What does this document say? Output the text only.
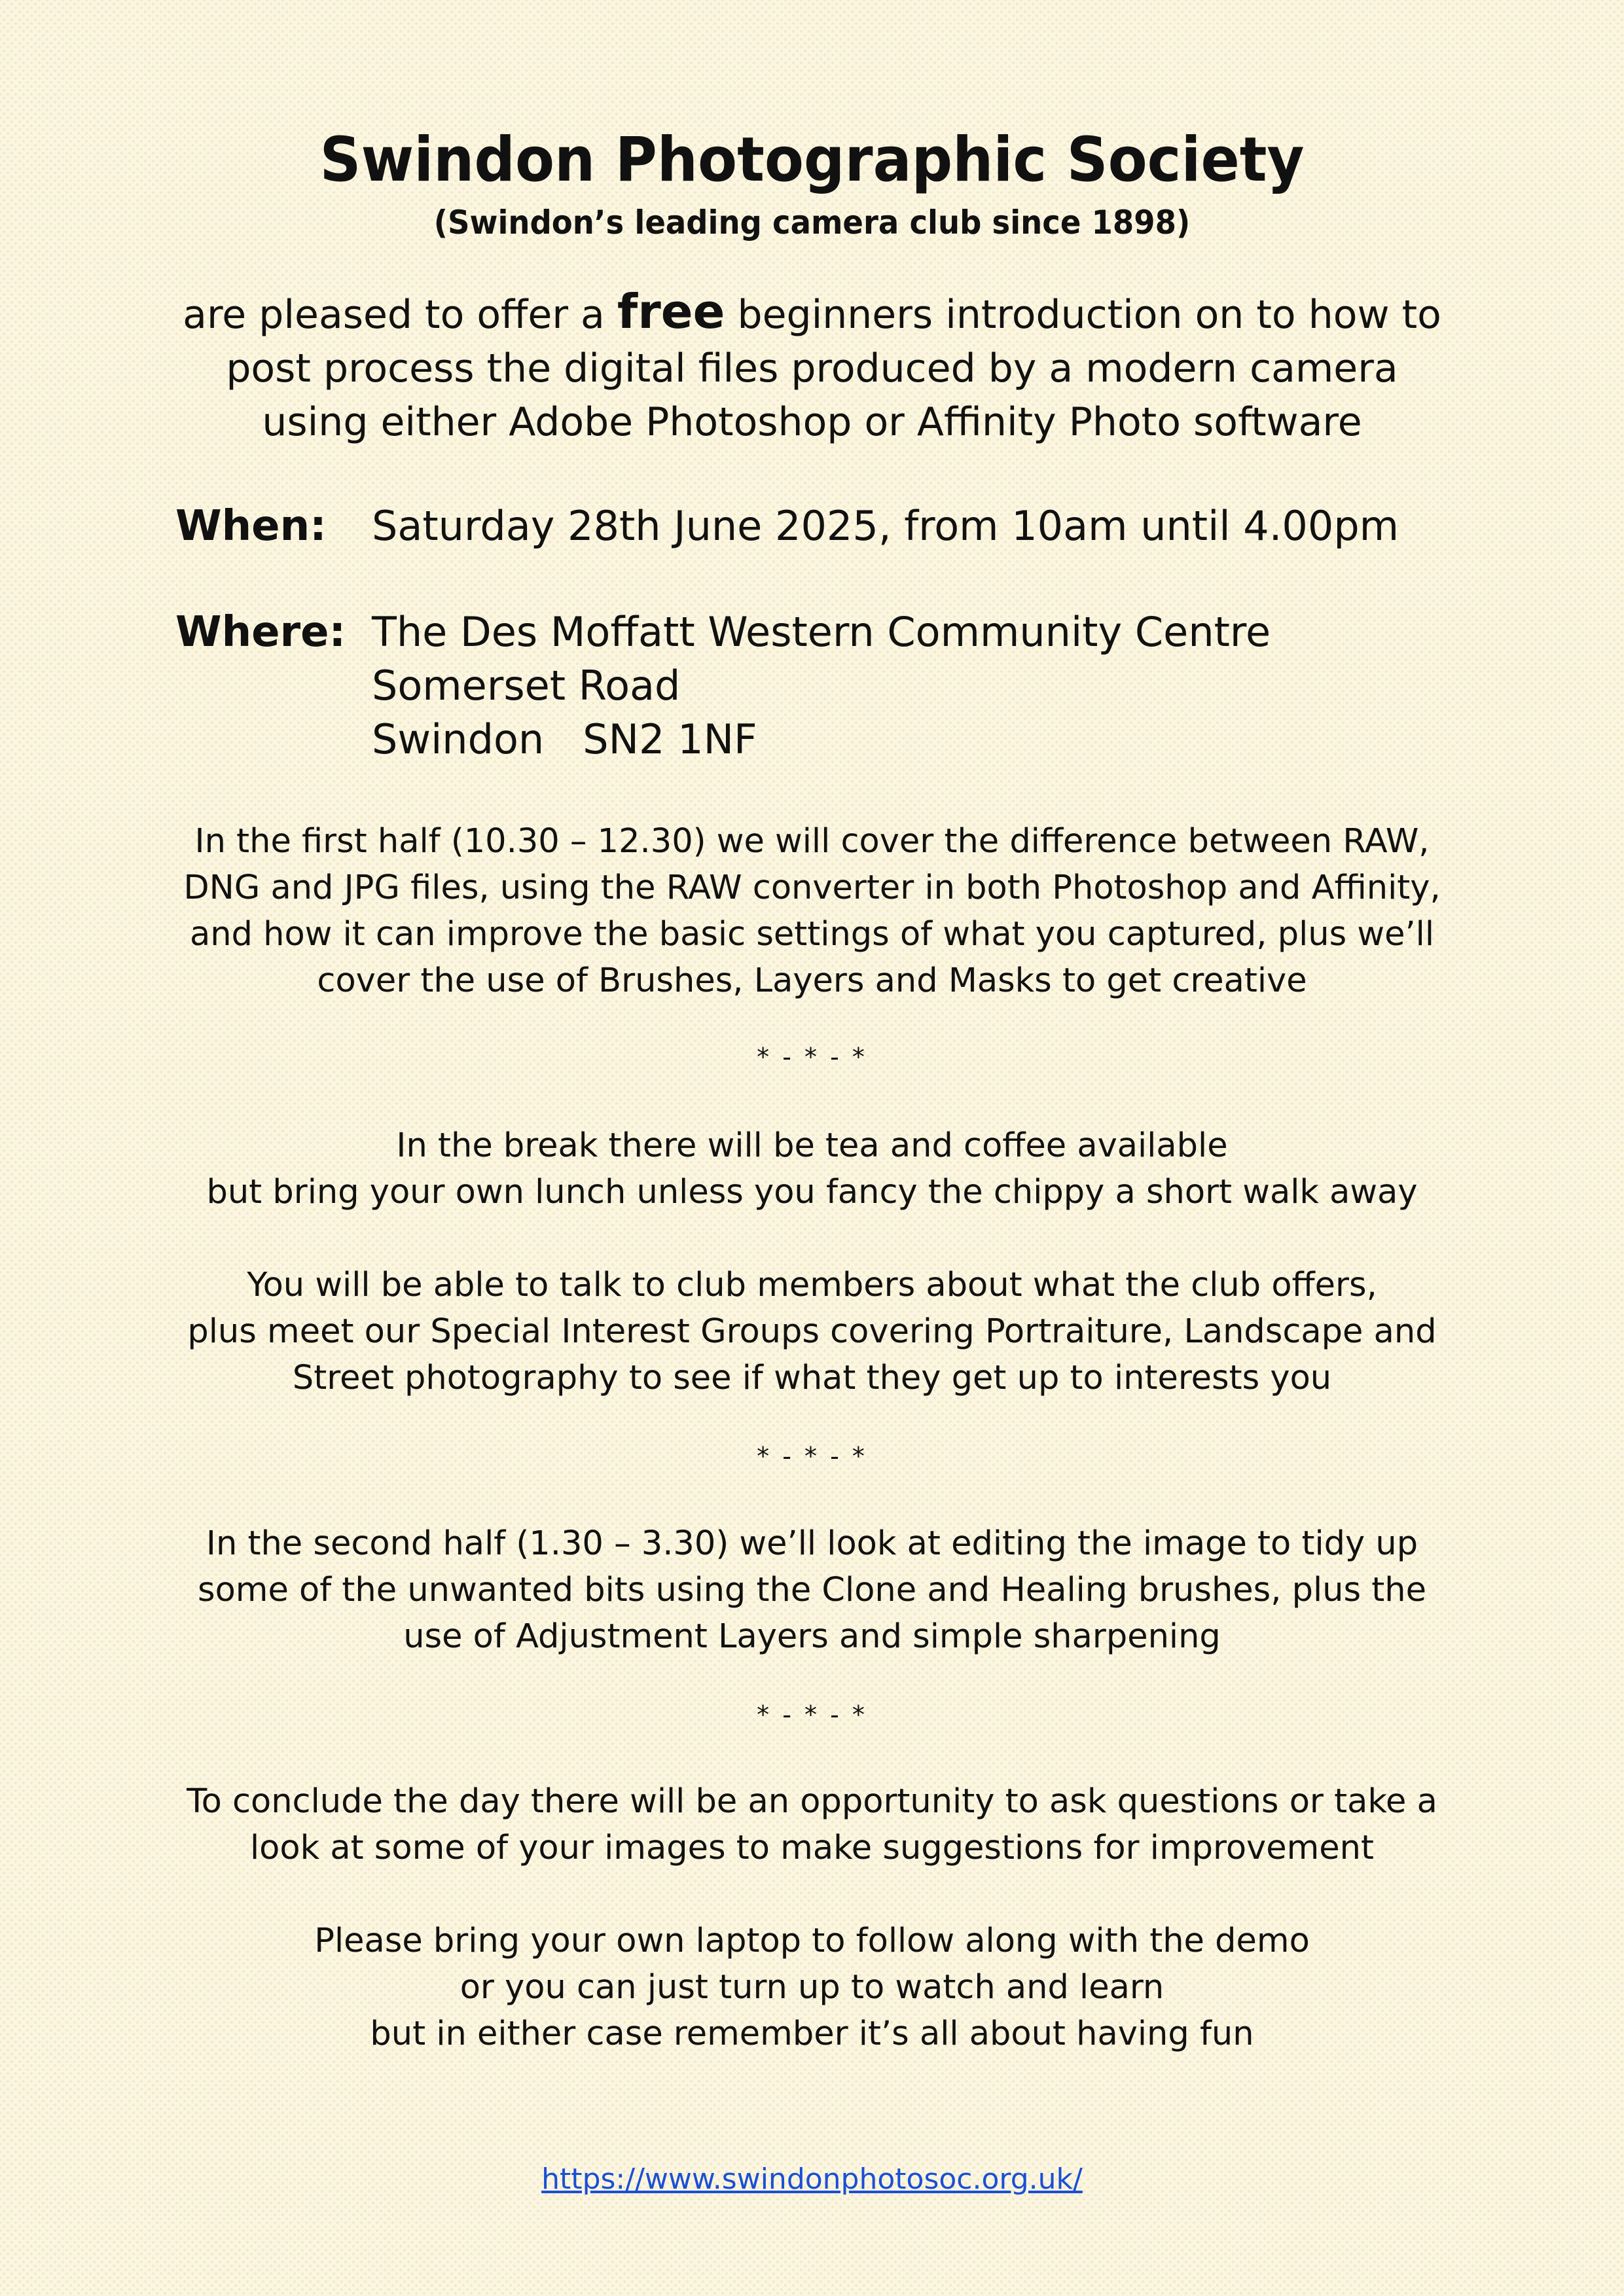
Swindon Photographic Society
(Swindon’s leading camera club since 1898)
are pleased to offer a free beginners introduction on to how to
post process the digital files produced by a modern camera
using either Adobe Photoshop or Affinity Photo software
When: Saturday 28th June 2025, from 10am until 4.00pm
Where: The Des Moffatt Western Community Centre
Somerset Road
Swindon   SN2 1NF
In the first half (10.30 – 12.30) we will cover the difference between RAW,
DNG and JPG files, using the RAW converter in both Photoshop and Affinity,
and how it can improve the basic settings of what you captured, plus we’ll
cover the use of Brushes, Layers and Masks to get creative
* - * - *
In the break there will be tea and coffee available
but bring your own lunch unless you fancy the chippy a short walk away
You will be able to talk to club members about what the club offers,
plus meet our Special Interest Groups covering Portraiture, Landscape and
Street photography to see if what they get up to interests you
* - * - *
In the second half (1.30 – 3.30) we’ll look at editing the image to tidy up
some of the unwanted bits using the Clone and Healing brushes, plus the
use of Adjustment Layers and simple sharpening
* - * - *
To conclude the day there will be an opportunity to ask questions or take a
look at some of your images to make suggestions for improvement
Please bring your own laptop to follow along with the demo
or you can just turn up to watch and learn
but in either case remember it’s all about having fun
https://www.swindonphotosoc.org.uk/
